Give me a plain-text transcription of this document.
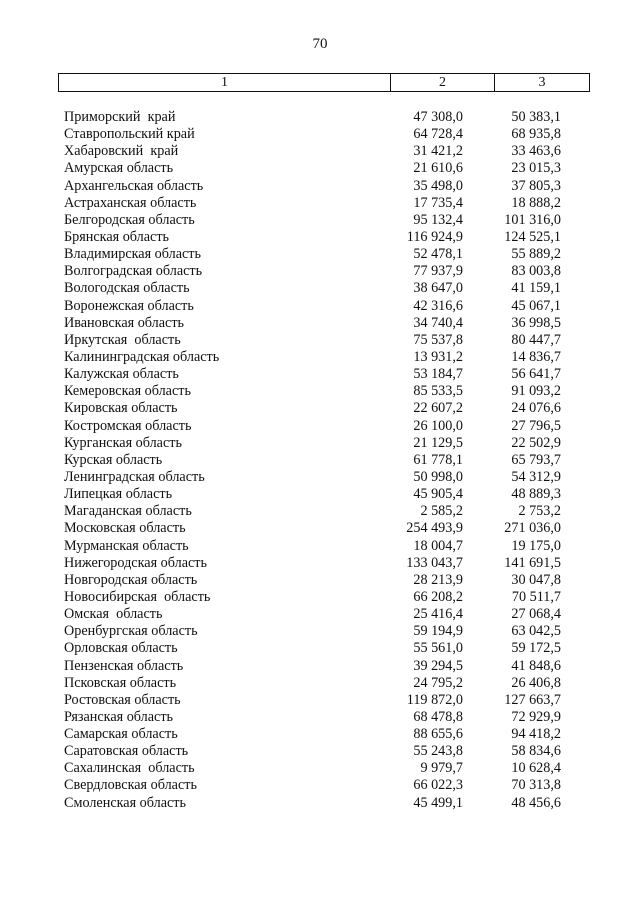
70
1	2	3
Приморский  край	47 308,0	50 383,1
Ставропольский край	64 728,4	68 935,8
Хабаровский  край	31 421,2	33 463,6
Амурская область	21 610,6	23 015,3
Архангельская область	35 498,0	37 805,3
Астраханская область	17 735,4	18 888,2
Белгородская область	95 132,4	101 316,0
Брянская область	116 924,9	124 525,1
Владимирская область	52 478,1	55 889,2
Волгоградская область	77 937,9	83 003,8
Вологодская область	38 647,0	41 159,1
Воронежская область	42 316,6	45 067,1
Ивановская область	34 740,4	36 998,5
Иркутская  область	75 537,8	80 447,7
Калининградская область	13 931,2	14 836,7
Калужская область	53 184,7	56 641,7
Кемеровская область	85 533,5	91 093,2
Кировская область	22 607,2	24 076,6
Костромская область	26 100,0	27 796,5
Курганская область	21 129,5	22 502,9
Курская область	61 778,1	65 793,7
Ленинградская область	50 998,0	54 312,9
Липецкая область	45 905,4	48 889,3
Магаданская область	2 585,2	2 753,2
Московская область	254 493,9	271 036,0
Мурманская область	18 004,7	19 175,0
Нижегородская область	133 043,7	141 691,5
Новгородская область	28 213,9	30 047,8
Новосибирская  область	66 208,2	70 511,7
Омская  область	25 416,4	27 068,4
Оренбургская область	59 194,9	63 042,5
Орловская область	55 561,0	59 172,5
Пензенская область	39 294,5	41 848,6
Псковская область	24 795,2	26 406,8
Ростовская область	119 872,0	127 663,7
Рязанская область	68 478,8	72 929,9
Самарская область	88 655,6	94 418,2
Саратовская область	55 243,8	58 834,6
Сахалинская  область	9 979,7	10 628,4
Свердловская область	66 022,3	70 313,8
Смоленская область	45 499,1	48 456,6
